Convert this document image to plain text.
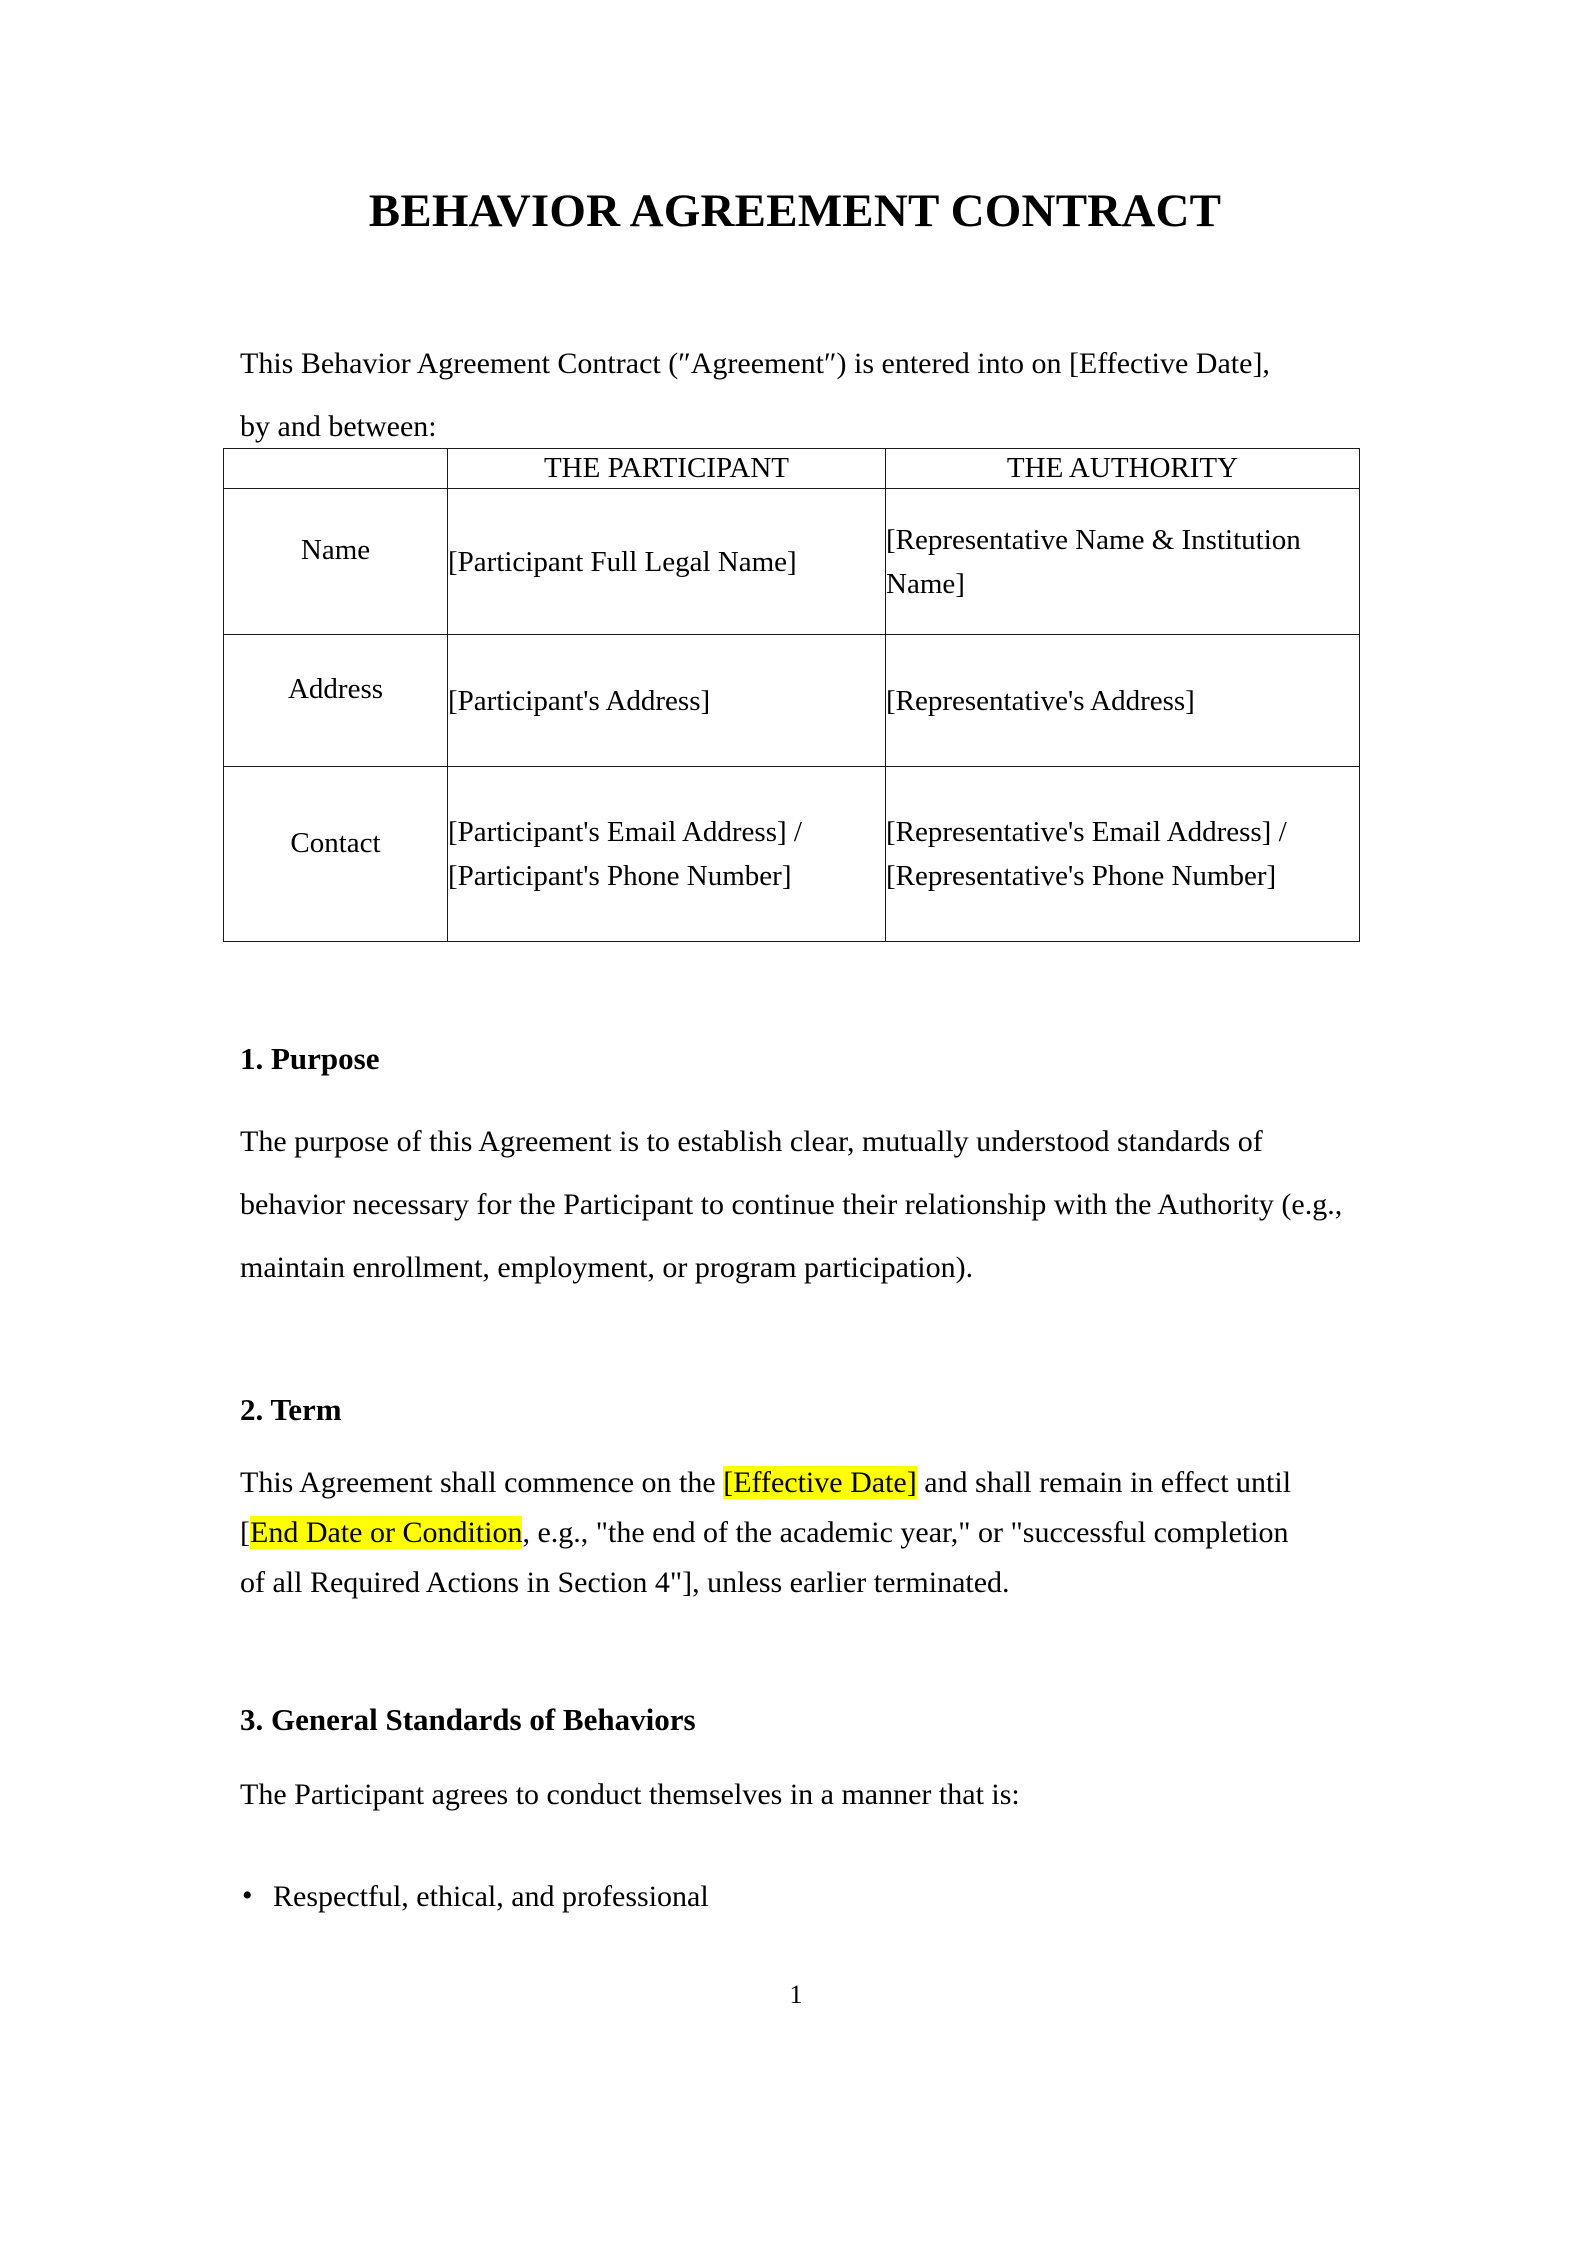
BEHAVIOR AGREEMENT CONTRACT

This Behavior Agreement Contract (″Agreement″) is entered into on [Effective Date],
by and between:

	THE PARTICIPANT	THE AUTHORITY
Name	[Participant Full Legal Name]	[Representative Name & Institution Name]
Address	[Participant's Address]	[Representative's Address]
Contact	[Participant's Email Address] / [Participant's Phone Number]	[Representative's Email Address] / [Representative's Phone Number]
1. Purpose

The purpose of this Agreement is to establish clear, mutually understood standards of behavior necessary for the Participant to continue their relationship with the Authority (e.g., maintain enrollment, employment, or program participation).

2. Term

This Agreement shall commence on the [Effective Date] and shall remain in effect until [End Date or Condition, e.g., "the end of the academic year," or "successful completion of all Required Actions in Section 4"], unless earlier terminated.

3. General Standards of Behaviors

The Participant agrees to conduct themselves in a manner that is:

• Respectful, ethical, and professional
1
